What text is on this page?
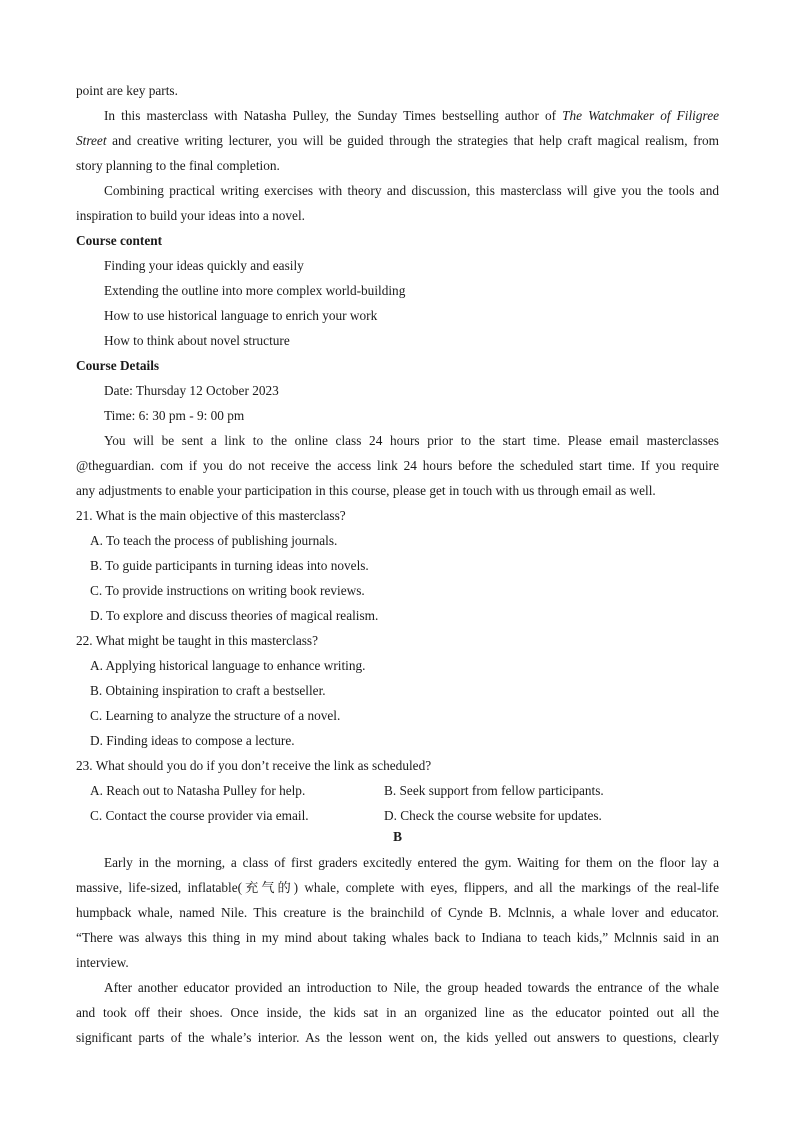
point are key parts.
In this masterclass with Natasha Pulley, the Sunday Times bestselling author of The Watchmaker of Filigree
Street and creative writing lecturer, you will be guided through the strategies that help craft magical realism, from
story planning to the final completion.
Combining practical writing exercises with theory and discussion, this masterclass will give you the tools and
inspiration to build your ideas into a novel.
Course content
Finding your ideas quickly and easily
Extending the outline into more complex world-building
How to use historical language to enrich your work
How to think about novel structure
Course Details
Date: Thursday 12 October 2023
Time: 6: 30 pm - 9: 00 pm
You will be sent a link to the online class 24 hours prior to the start time. Please email masterclasses
@theguardian. com if you do not receive the access link 24 hours before the scheduled start time. If you require
any adjustments to enable your participation in this course, please get in touch with us through email as well.
21. What is the main objective of this masterclass?
A. To teach the process of publishing journals.
B. To guide participants in turning ideas into novels.
C. To provide instructions on writing book reviews.
D. To explore and discuss theories of magical realism.
22. What might be taught in this masterclass?
A. Applying historical language to enhance writing.
B. Obtaining inspiration to craft a bestseller.
C. Learning to analyze the structure of a novel.
D. Finding ideas to compose a lecture.
23. What should you do if you don’t receive the link as scheduled?
A. Reach out to Natasha Pulley for help.	B. Seek support from fellow participants.
C. Contact the course provider via email.	D. Check the course website for updates.
B
Early in the morning, a class of first graders excitedly entered the gym. Waiting for them on the floor lay a
massive, life-sized, inflatable(充气的) whale, complete with eyes, flippers, and all the markings of the real-life
humpback whale, named Nile. This creature is the brainchild of Cynde B. Mclnnis, a whale lover and educator.
“There was always this thing in my mind about taking whales back to Indiana to teach kids,” Mclnnis said in an
interview.
After another educator provided an introduction to Nile, the group headed towards the entrance of the whale
and took off their shoes. Once inside, the kids sat in an organized line as the educator pointed out all the
significant parts of the whale’s interior. As the lesson went on, the kids yelled out answers to questions, clearly
